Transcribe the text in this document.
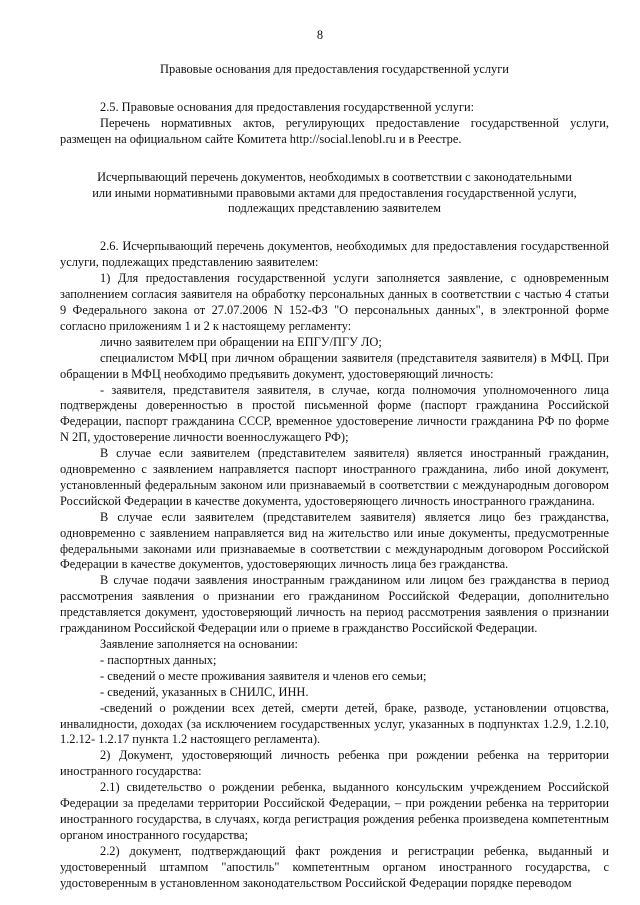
8

Правовые основания для предоставления государственной услуги

2.5. Правовые основания для предоставления государственной услуги:

Перечень нормативных актов, регулирующих предоставление государственной услуги, размещен на официальном сайте Комитета http://social.lenobl.ru и в Реестре.

Исчерпывающий перечень документов, необходимых в соответствии с законодательными

или иными нормативными правовыми актами для предоставления государственной услуги,

подлежащих представлению заявителем

2.6. Исчерпывающий перечень документов, необходимых для предоставления государственной услуги, подлежащих представлению заявителем:

1) Для предоставления государственной услуги заполняется заявление, с одновременным заполнением согласия заявителя на обработку персональных данных в соответствии с частью 4 статьи 9 Федерального закона от 27.07.2006 N 152-ФЗ "О персональных данных", в электронной форме согласно приложениям 1 и 2 к настоящему регламенту:

лично заявителем при обращении на ЕПГУ/ПГУ ЛО;

специалистом МФЦ при личном обращении заявителя (представителя заявителя) в МФЦ. При обращении в МФЦ необходимо предъявить документ, удостоверяющий личность:

- заявителя, представителя заявителя, в случае, когда полномочия уполномоченного лица подтверждены доверенностью в простой письменной форме (паспорт гражданина Российской Федерации, паспорт гражданина СССР, временное удостоверение личности гражданина РФ по форме N 2П, удостоверение личности военнослужащего РФ);

В случае если заявителем (представителем заявителя) является иностранный гражданин, одновременно с заявлением направляется паспорт иностранного гражданина, либо иной документ, установленный федеральным законом или признаваемый в соответствии с международным договором Российской Федерации в качестве документа, удостоверяющего личность иностранного гражданина.

В случае если заявителем (представителем заявителя) является лицо без гражданства, одновременно с заявлением направляется вид на жительство или иные документы, предусмотренные федеральными законами или признаваемые в соответствии с международным договором Российской Федерации в качестве документов, удостоверяющих личность лица без гражданства.

В случае подачи заявления иностранным гражданином или лицом без гражданства в период рассмотрения заявления о признании его гражданином Российской Федерации, дополнительно представляется документ, удостоверяющий личность на период рассмотрения заявления о признании гражданином Российской Федерации или о приеме в гражданство Российской Федерации.

Заявление заполняется на основании:

- паспортных данных;

- сведений о месте проживания заявителя и членов его семьи;

- сведений, указанных в СНИЛС, ИНН.

-сведений о рождении всех детей, смерти детей, браке, разводе, установлении отцовства, инвалидности, доходах (за исключением государственных услуг, указанных в подпунктах 1.2.9, 1.2.10, 1.2.12- 1.2.17 пункта 1.2 настоящего регламента).

2) Документ, удостоверяющий личность ребенка при рождении ребенка на территории иностранного государства:

2.1) свидетельство о рождении ребенка, выданного консульским учреждением Российской Федерации за пределами территории Российской Федерации, – при рождении ребенка на территории иностранного государства, в случаях, когда регистрация рождения ребенка произведена компетентным органом иностранного государства;

2.2) документ, подтверждающий факт рождения и регистрации ребенка, выданный и удостоверенный штампом "апостиль" компетентным органом иностранного государства, с удостоверенным в установленном законодательством Российской Федерации порядке переводом
